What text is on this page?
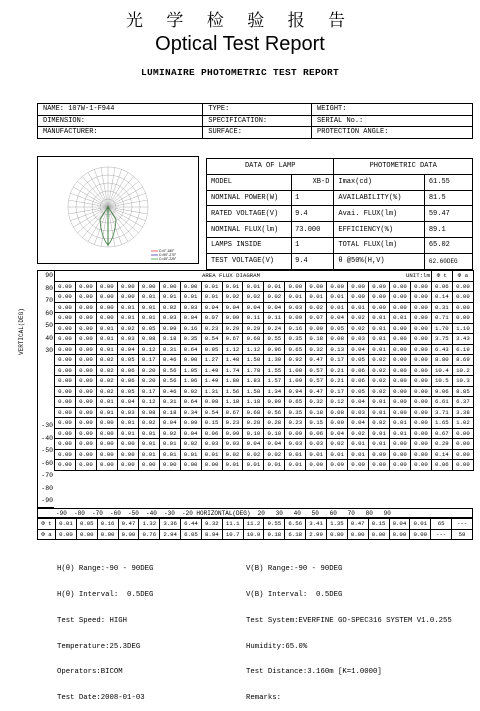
光 学 检 验 报 告
Optical Test Report
LUMINAIRE PHOTOMETRIC TEST REPORT
NAME: 107W-1-F944	TYPE:	WEIGHT:
DIMENSION:	SPECIFICATION:	SERIAL No.:
MANUFACTURER:	SURFACE:	PROTECTION ANGLE:
C=0°-180°
C=90°-270°
C=45°-225°
DATA OF LAMP		PHOTOMETRIC DATA	
MODEL	XB-D	Imax(cd)	61.55
NOMINAL POWER(W)	1	AVAILABILITY(%)	81.5
RATED VOLTAGE(V)	9.4	Avai. FLUX(lm)	59.47
NOMINAL FLUX(lm)	73.000	EFFICIENCY(%)	89.1
LAMPS INSIDE	1	TOTAL FLUX(lm)	65.02
TEST VOLTAGE(V)	9.4	θ @50%(H,V)	62.60DEG
VERTICAL(DEG)
90
80
70
60
50
40
30
-30
-40
-50
-60
-70
-80
-90
AREA FLUX DIAGRAM UNIT:lm																		Φ t	Φ a
0.00	0.00	0.00	0.00	0.00	0.00	0.00	0.01	0.01	0.01	0.01	0.00	0.00	0.00	0.00	0.00	0.00	0.00	0.06	0.00
0.00	0.00	0.00	0.00	0.01	0.01	0.01	0.01	0.02	0.02	0.02	0.01	0.01	0.01	0.00	0.00	0.00	0.00	0.14	0.00
0.00	0.00	0.00	0.01	0.01	0.02	0.03	0.04	0.04	0.04	0.04	0.03	0.02	0.01	0.01	0.00	0.00	0.00	0.31	0.00
0.00	0.00	0.00	0.01	0.01	0.03	0.04	0.07	0.09	0.11	0.11	0.09	0.07	0.04	0.02	0.01	0.01	0.00	0.71	0.00
0.00	0.00	0.01	0.02	0.05	0.09	0.16	0.23	0.29	0.29	0.24	0.16	0.09	0.05	0.02	0.01	0.00	0.00	1.70	1.10
0.00	0.00	0.01	0.03	0.08	0.18	0.35	0.54	0.67	0.68	0.55	0.35	0.18	0.08	0.03	0.01	0.00	0.00	3.75	3.43
0.00	0.00	0.01	0.04	0.12	0.31	0.64	0.95	1.12	1.12	0.96	0.65	0.32	0.13	0.04	0.01	0.00	0.00	6.43	6.19
0.00	0.00	0.02	0.05	0.17	0.46	0.90	1.27	1.48	1.50	1.30	0.92	0.47	0.17	0.05	0.02	0.00	0.00	8.80	8.69
0.00	0.00	0.02	0.06	0.20	0.56	1.05	1.49	1.74	1.78	1.55	1.08	0.57	0.21	0.06	0.02	0.00	0.00	10.4	10.2
0.00	0.00	0.02	0.06	0.20	0.56	1.06	1.49	1.80	1.83	1.57	1.09	0.57	0.21	0.06	0.02	0.00	0.00	10.5	10.3
0.00	0.00	0.02	0.05	0.17	0.46	0.92	1.31	1.56	1.58	1.34	0.94	0.47	0.17	0.05	0.02	0.00	0.00	9.06	8.85
0.00	0.00	0.01	0.04	0.12	0.31	0.64	0.98	1.18	1.18	0.99	0.65	0.32	0.12	0.04	0.01	0.00	0.00	6.61	6.37
0.00	0.00	0.01	0.03	0.08	0.18	0.34	0.54	0.67	0.68	0.56	0.35	0.18	0.08	0.03	0.01	0.00	0.00	3.71	3.38
0.00	0.00	0.00	0.01	0.02	0.04	0.09	0.15	0.23	0.28	0.28	0.23	0.15	0.09	0.04	0.02	0.01	0.00	1.65	1.02
0.00	0.00	0.00	0.01	0.01	0.02	0.04	0.06	0.09	0.10	0.10	0.09	0.06	0.04	0.02	0.01	0.01	0.00	0.67	0.00
0.00	0.00	0.00	0.00	0.01	0.01	0.02	0.03	0.03	0.04	0.04	0.03	0.03	0.02	0.01	0.01	0.00	0.00	0.29	0.00
0.00	0.00	0.00	0.00	0.01	0.01	0.01	0.01	0.02	0.02	0.02	0.01	0.01	0.01	0.01	0.00	0.00	0.00	0.14	0.00
0.00	0.00	0.00	0.00	0.00	0.00	0.00	0.00	0.01	0.01	0.01	0.01	0.00	0.00	0.00	0.00	0.00	0.00	0.06	0.00
-90  -80  -70  -60  -50  -40  -30  -20 HORIZONTAL(DEG)  20   30   40   50   60   70   80   90
Φ t	0.01	0.05	0.16	0.47	1.32	3.36	6.44	9.32	11.1	11.2	9.55	6.56	3.41	1.35	0.47	0.15	0.04	0.01	65	---
Φ a	0.00	0.00	0.00	0.00	0.76	2.94	6.05	8.94	10.7	10.9	9.18	6.18	2.99	0.80	0.00	0.00	0.00	0.00	---	59

H(θ) Range:-90 - 90DEG

H(θ) Interval:  0.5DEG

Test Speed: HIGH

Temperature:25.3DEG

Operators:BICOM

Test Date:2008-01-03

V(B) Range:-90 - 90DEG

V(B) Interval:  0.5DEG

Test System:EVERFINE GO-SPEC316 SYSTEM V1.0.255

Humidity:65.0%

Test Distance:3.160m [K=1.0000]

Remarks:
